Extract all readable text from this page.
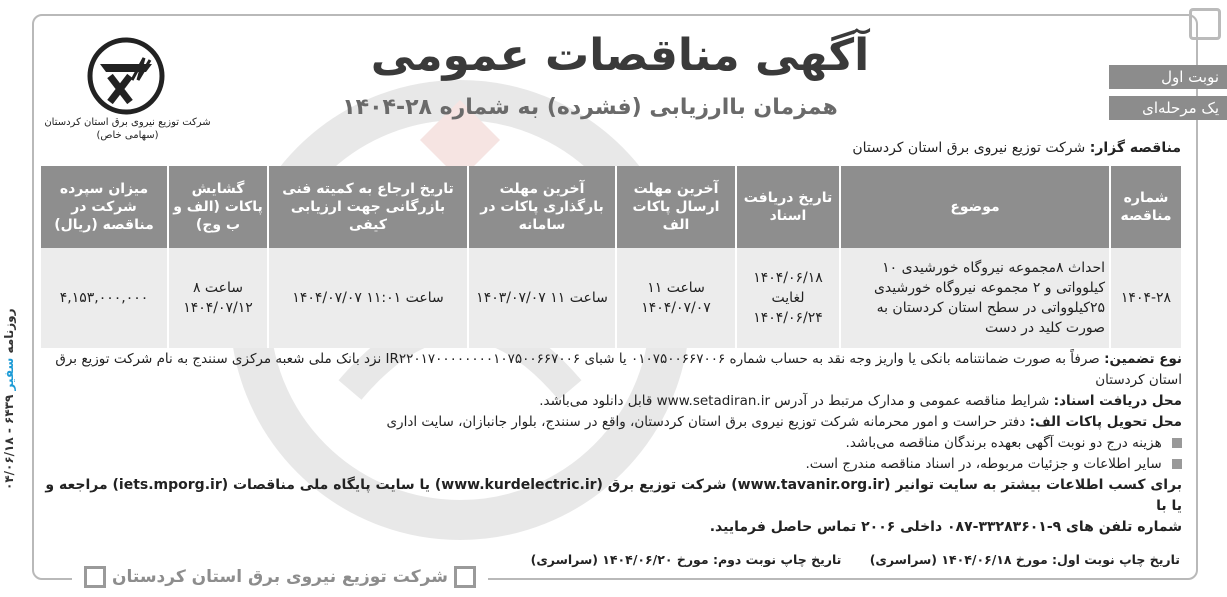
روزنامه سفیر ۶۴۳۹ - ۰۴/۰۶/۱۸
شرکت توزیع نیروی برق استان کردستان
(سهامی خاص)
آگهی مناقصات عمومی
همزمان باارزیابی (فشرده) به شماره ۲۸-۱۴۰۴
نوبت اول
یک مرحله‌ای
مناقصه گزار: شرکت توزیع نیروی برق استان کردستان
شماره مناقصه	موضوع	تاریخ دریافت اسناد	آخرین مهلت ارسال پاکات الف	آخرین مهلت بارگذاری پاکات در سامانه	تاریخ ارجاع به کمیته فنی بازرگانی جهت ارزیابی کیفی	گشایش پاکات (الف و ب وج)	میزان سپرده شرکت در مناقصه (ریال)
۱۴۰۴-۲۸	احداث ۸مجموعه نیروگاه خورشیدی ۱۰ کیلوواتی و ۲ مجموعه نیروگاه خورشیدی ۲۵کیلوواتی در سطح استان کردستان به صورت کلید در دست	۱۴۰۴/۰۶/۱۸ لغایت ۱۴۰۴/۰۶/۲۴	ساعت ۱۱ ۱۴۰۴/۰۷/۰۷	ساعت ۱۱ ۱۴۰۳/۰۷/۰۷	ساعت ۱۱:۰۱ ۱۴۰۴/۰۷/۰۷	ساعت ۸ ۱۴۰۴/۰۷/۱۲	۴,۱۵۳,۰۰۰,۰۰۰

نوع تضمین: صرفاً به صورت ضمانتنامه بانکی یا واریز وجه نقد به حساب شماره ۰۱۰۷۵۰۰۶۶۷۰۰۶ یا شبای IR۲۲۰۱۷۰۰۰۰۰۰۰۰۱۰۷۵۰۰۶۶۷۰۰۶ نزد بانک ملی شعبه مرکزی سنندج به نام شرکت توزیع برق استان کردستان

محل دریافت اسناد: شرایط مناقصه عمومی و مدارک مرتبط در آدرس www.setadiran.ir قابل دانلود می‌باشد.

محل تحویل پاکات الف: دفتر حراست و امور محرمانه شرکت توزیع نیروی برق استان کردستان، واقع در سنندج، بلوار جانبازان، سایت اداری

هزینه درج دو نوبت آگهی بعهده برندگان مناقصه می‌باشد.

سایر اطلاعات و جزئیات مربوطه، در اسناد مناقصه مندرج است.

برای کسب اطلاعات بیشتر به سایت توانیر (www.tavanir.org.ir) شرکت توزیع برق (www.kurdelectric.ir) یا سایت پایگاه ملی مناقصات (iets.mporg.ir) مراجعه و یا با

شماره تلفن های ۹-۳۳۲۸۳۶۰۱-۰۸۷ داخلی ۲۰۰۶ تماس حاصل فرمایید.

تاریخ چاپ نوبت اول: مورخ ۱۴۰۴/۰۶/۱۸ (سراسری) تاریخ چاپ نوبت دوم: مورخ ۱۴۰۴/۰۶/۲۰ (سراسری)
شرکت توزیع نیروی برق استان کردستان
